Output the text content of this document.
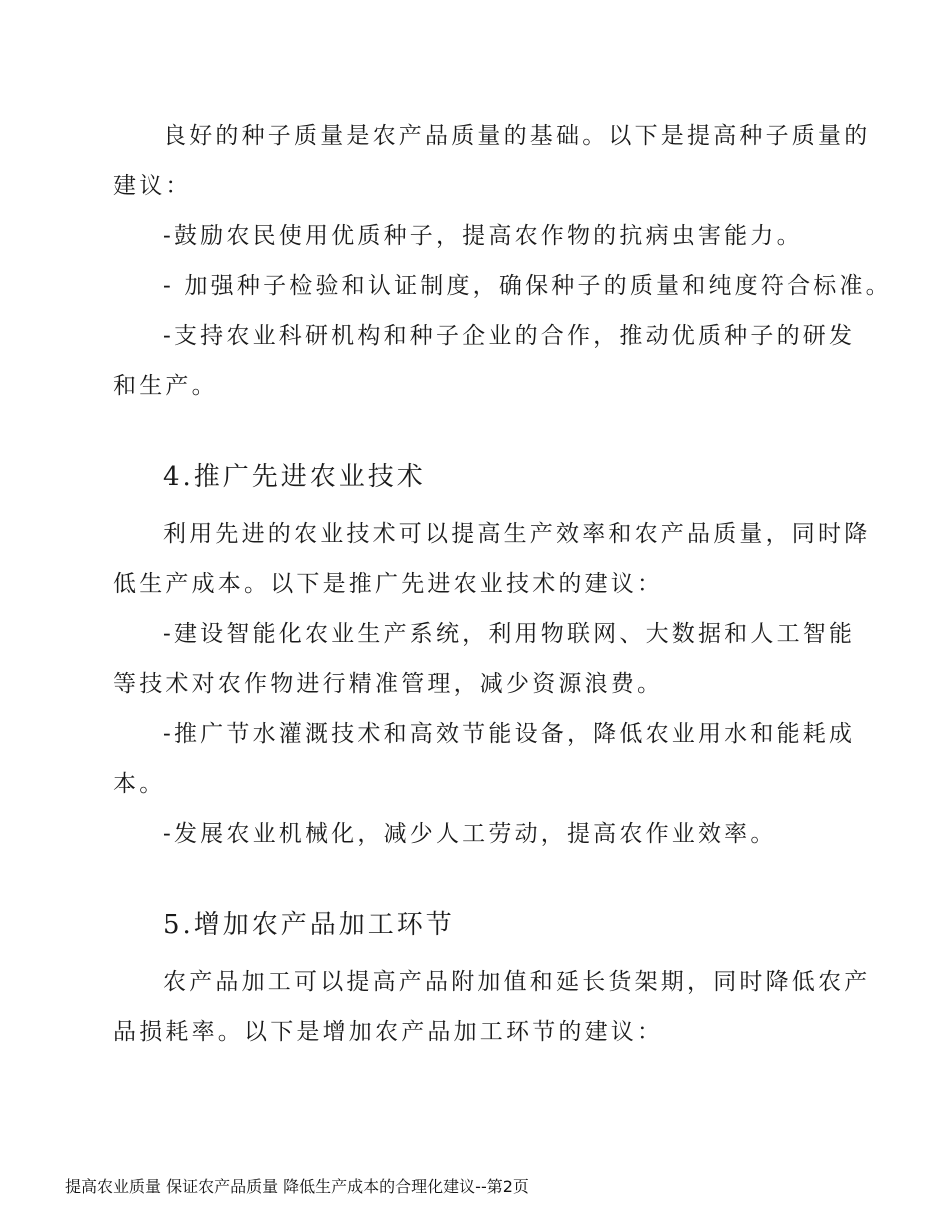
良好的种子质量是农产品质量的基础。以下是提高种子质量的
建议：
-鼓励农民使用优质种子，提高农作物的抗病虫害能力。
- 加强种子检验和认证制度，确保种子的质量和纯度符合标准。
-支持农业科研机构和种子企业的合作，推动优质种子的研发
和生产。
4.推广先进农业技术
利用先进的农业技术可以提高生产效率和农产品质量，同时降
低生产成本。以下是推广先进农业技术的建议：
-建设智能化农业生产系统，利用物联网、大数据和人工智能
等技术对农作物进行精准管理，减少资源浪费。
-推广节水灌溉技术和高效节能设备，降低农业用水和能耗成
本。
-发展农业机械化，减少人工劳动，提高农作业效率。
5.增加农产品加工环节
农产品加工可以提高产品附加值和延长货架期，同时降低农产
品损耗率。以下是增加农产品加工环节的建议：
提高农业质量 保证农产品质量 降低生产成本的合理化建议--第2页
